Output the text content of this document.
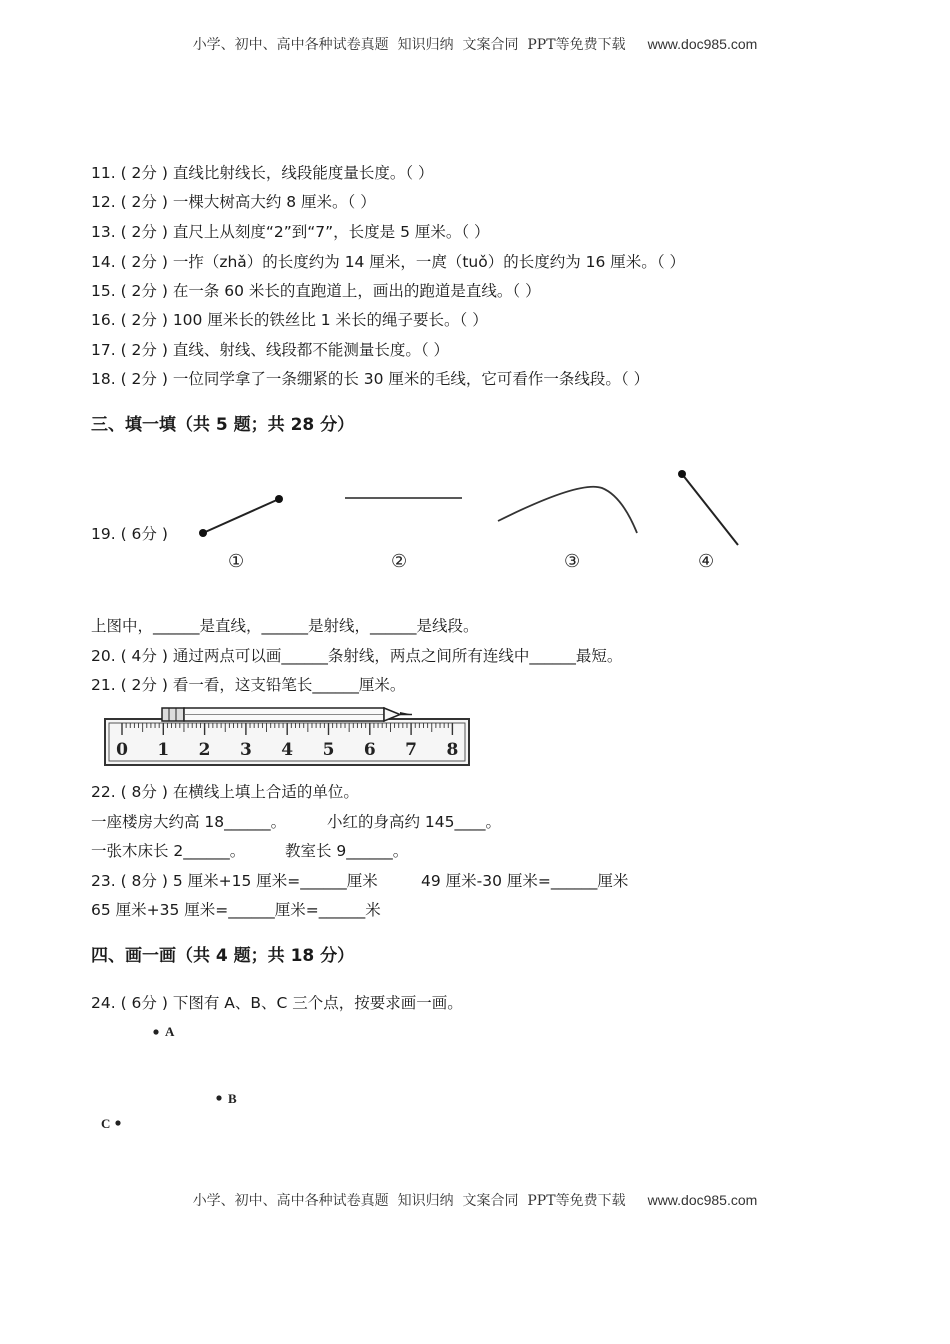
小学、初中、高中各种试卷真题  知识归纳  文案合同  PPT等免费下载 www.doc985.com
11. ( 2分 ) 直线比射线长，线段能度量长度。（ ）
12. ( 2分 ) 一棵大树高大约 8 厘米。（ ）
13. ( 2分 ) 直尺上从刻度“2”到“7”，长度是 5 厘米。（ ）
14. ( 2分 ) 一拃（zhǎ）的长度约为 14 厘米，一庹（tuǒ）的长度约为 16 厘米。（ ）
15. ( 2分 ) 在一条 60 米长的直跑道上，画出的跑道是直线。（ ）
16. ( 2分 ) 100 厘米长的铁丝比 1 米长的绳子要长。（ ）
17. ( 2分 ) 直线、射线、线段都不能测量长度。（ ）
18. ( 2分 ) 一位同学拿了一条绷紧的长 30 厘米的毛线，它可看作一条线段。（ ）
三、填一填（共 5 题；共 28 分）
19. ( 6分 )
①	②	③	④
上图中，______是直线，______是射线，______是线段。
20. ( 4分 ) 通过两点可以画______条射线，两点之间所有连线中______最短。
21. ( 2分 ) 看一看，这支铅笔长______厘米。
0 1 2 3 4 5 6 7 8
22. ( 8分 ) 在横线上填上合适的单位。
一座楼房大约高 18______。	小红的身高约 145____。
一张木床长 2______。	教室长 9______。
23. ( 8分 ) 5 厘米+15 厘米=______厘米	49 厘米-30 厘米=______厘米
65 厘米+35 厘米=______厘米=______米
四、画一画（共 4 题；共 18 分）
24. ( 6分 ) 下图有 A、B、C 三个点，按要求画一画。
A
B
C
小学、初中、高中各种试卷真题  知识归纳  文案合同  PPT等免费下载 www.doc985.com
